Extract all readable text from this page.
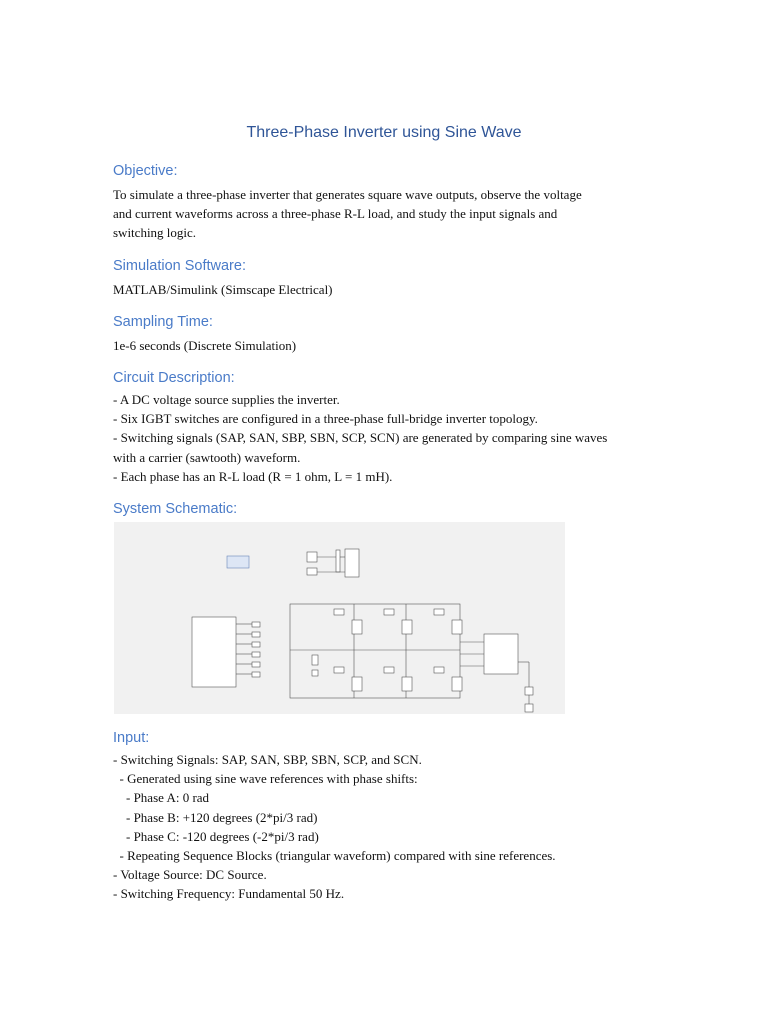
Three-Phase Inverter using Sine Wave
Objective:
To simulate a three-phase inverter that generates square wave outputs, observe the voltage
and current waveforms across a three-phase R-L load, and study the input signals and
switching logic.
Simulation Software:
MATLAB/Simulink (Simscape Electrical)
Sampling Time:
1e-6 seconds (Discrete Simulation)
Circuit Description:
- A DC voltage source supplies the inverter.
- Six IGBT switches are configured in a three-phase full-bridge inverter topology.
- Switching signals (SAP, SAN, SBP, SBN, SCP, SCN) are generated by comparing sine waves
with a carrier (sawtooth) waveform.
- Each phase has an R-L load (R = 1 ohm, L = 1 mH).
System Schematic:
Input:
- Switching Signals: SAP, SAN, SBP, SBN, SCP, and SCN.
- Generated using sine wave references with phase shifts:
- Phase A: 0 rad
- Phase B: +120 degrees (2*pi/3 rad)
- Phase C: -120 degrees (-2*pi/3 rad)
- Repeating Sequence Blocks (triangular waveform) compared with sine references.
- Voltage Source: DC Source.
- Switching Frequency: Fundamental 50 Hz.
